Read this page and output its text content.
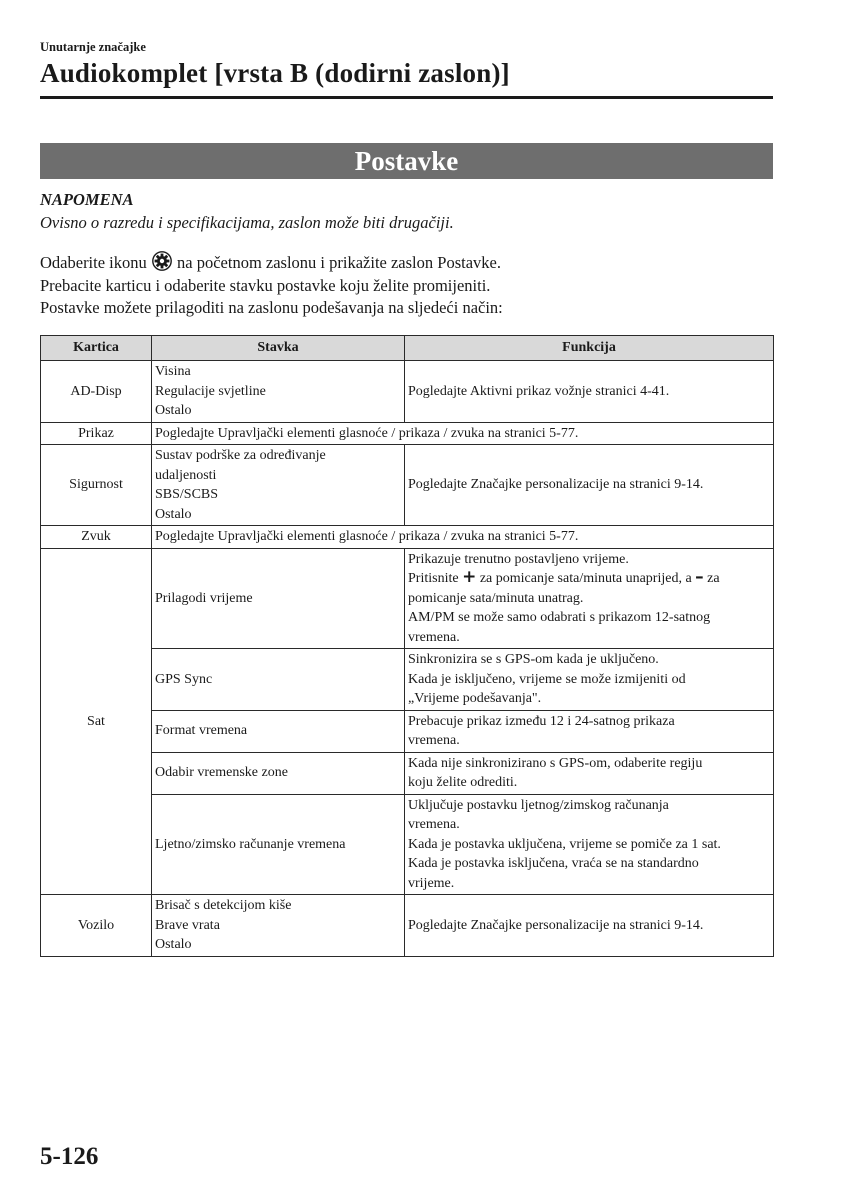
Unutarnje značajke
Audiokomplet [vrsta B (dodirni zaslon)]
Postavke
NAPOMENA
Ovisno o razredu i specifikacijama, zaslon može biti drugačiji.

Odaberite ikonu na početnom zaslonu i prikažite zaslon Postavke.

Prebacite karticu i odaberite stavku postavke koju želite promijeniti.

Postavke možete prilagoditi na zaslonu podešavanja na sljedeći način:

Kartica	Stavka	Funkcija
AD-Disp	Visina
Regulacije svjetline
Ostalo	Pogledajte Aktivni prikaz vožnje stranici 4-41.
Prikaz	Pogledajte Upravljački elementi glasnoće / prikaza / zvuka na stranici 5-77.	
Sigurnost	Sustav podrške za određivanje
udaljenosti
SBS/SCBS
Ostalo	Pogledajte Značajke personalizacije na stranici 9-14.
Zvuk	Pogledajte Upravljački elementi glasnoće / prikaza / zvuka na stranici 5-77.	
Sat	Prilagodi vrijeme	Prikazuje trenutno postavljeno vrijeme.
Pritisnite + za pomicanje sata/minuta unaprijed, a – za
pomicanje sata/minuta unatrag.
AM/PM se može samo odabrati s prikazom 12-satnog
vremena.

	GPS Sync	Sinkronizira se s GPS-om kada je uključeno.
Kada je isključeno, vrijeme se može izmijeniti od
„Vrijeme podešavanja".

	Format vremena	Prebacuje prikaz između 12 i 24-satnog prikaza
vremena.

	Odabir vremenske zone	Kada nije sinkronizirano s GPS-om, odaberite regiju
koju želite odrediti.

	Ljetno/zimsko računanje vremena	Uključuje postavku ljetnog/zimskog računanja
vremena.
Kada je postavka uključena, vrijeme se pomiče za 1 sat.
Kada je postavka isključena, vraća se na standardno
vrijeme.

Vozilo	Brisač s detekcijom kiše
Brave vrata
Ostalo	Pogledajte Značajke personalizacije na stranici 9-14.
5-126
